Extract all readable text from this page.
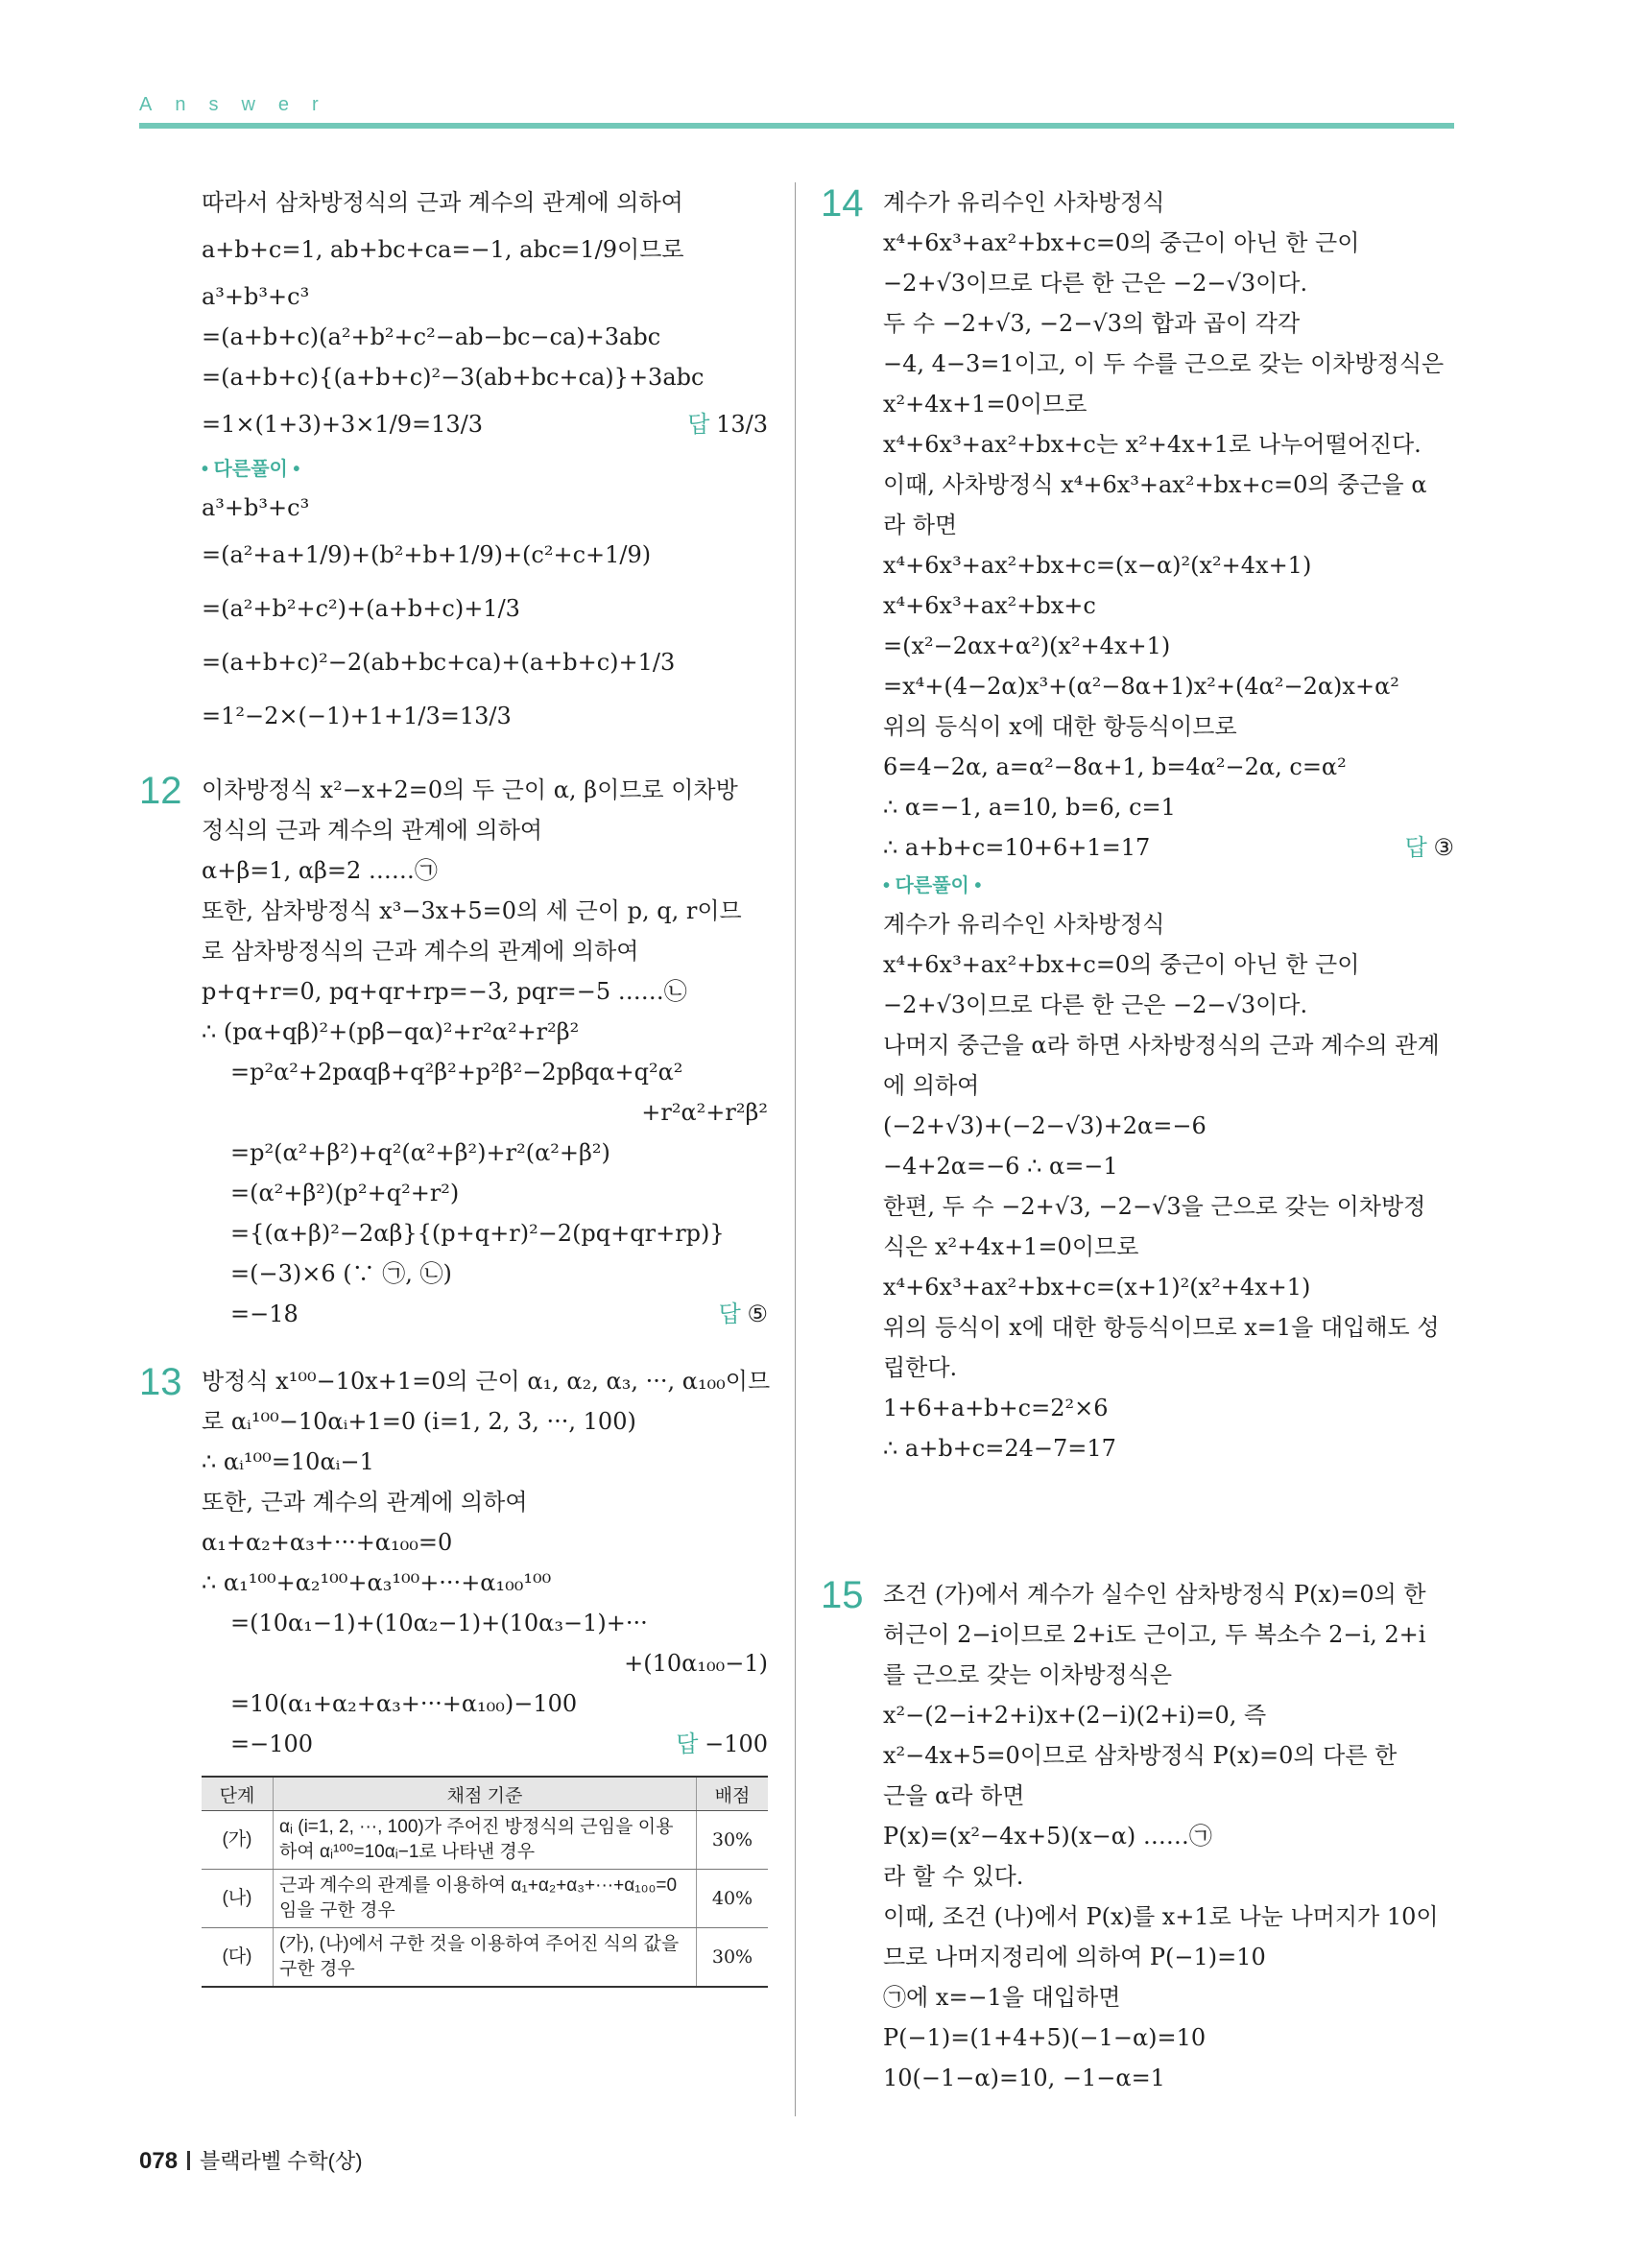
Answer
따라서 삼차방정식의 근과 계수의 관계에 의하여
a+b+c=1, ab+bc+ca=−1, abc=1/9이므로
a³+b³+c³
=(a+b+c)(a²+b²+c²−ab−bc−ca)+3abc
=(a+b+c){(a+b+c)²−3(ab+bc+ca)}+3abc
=1×(1+3)+3×1/9=13/3	답 13/3
• 다른풀이 •
a³+b³+c³
=(a²+a+1/9)+(b²+b+1/9)+(c²+c+1/9)
=(a²+b²+c²)+(a+b+c)+1/3
=(a+b+c)²−2(ab+bc+ca)+(a+b+c)+1/3
=1²−2×(−1)+1+1/3=13/3
12 이차방정식 x²−x+2=0의 두 근이 α, β이므로 이차방
정식의 근과 계수의 관계에 의하여
α+β=1, αβ=2 ……㉠
또한, 삼차방정식 x³−3x+5=0의 세 근이 p, q, r이므
로 삼차방정식의 근과 계수의 관계에 의하여
p+q+r=0, pq+qr+rp=−3, pqr=−5 ……㉡
∴ (pα+qβ)²+(pβ−qα)²+r²α²+r²β²
=p²α²+2pαqβ+q²β²+p²β²−2pβqα+q²α²
+r²α²+r²β²
=p²(α²+β²)+q²(α²+β²)+r²(α²+β²)
=(α²+β²)(p²+q²+r²)
={(α+β)²−2αβ}{(p+q+r)²−2(pq+qr+rp)}
=(−3)×6 (∵ ㉠, ㉡)
=−18	답 ⑤
13 방정식 x¹⁰⁰−10x+1=0의 근이 α₁, α₂, α₃, ···, α₁₀₀이므
로 αᵢ¹⁰⁰−10αᵢ+1=0 (i=1, 2, 3, ···, 100)
∴ αᵢ¹⁰⁰=10αᵢ−1
또한, 근과 계수의 관계에 의하여
α₁+α₂+α₃+···+α₁₀₀=0
∴ α₁¹⁰⁰+α₂¹⁰⁰+α₃¹⁰⁰+···+α₁₀₀¹⁰⁰
=(10α₁−1)+(10α₂−1)+(10α₃−1)+···
+(10α₁₀₀−1)
=10(α₁+α₂+α₃+···+α₁₀₀)−100
=−100	답 −100
단계	채점 기준	배점
(가)	αᵢ (i=1, 2, ···, 100)가 주어진 방정식의 근임을 이용하여 αᵢ¹⁰⁰=10αᵢ−1로 나타낸 경우	30%
(나)	근과 계수의 관계를 이용하여 α₁+α₂+α₃+···+α₁₀₀=0임을 구한 경우	40%
(다)	(가), (나)에서 구한 것을 이용하여 주어진 식의 값을 구한 경우	30%
14 계수가 유리수인 사차방정식
x⁴+6x³+ax²+bx+c=0의 중근이 아닌 한 근이
−2+√3이므로 다른 한 근은 −2−√3이다.
두 수 −2+√3, −2−√3의 합과 곱이 각각
−4, 4−3=1이고, 이 두 수를 근으로 갖는 이차방정식은
x²+4x+1=0이므로
x⁴+6x³+ax²+bx+c는 x²+4x+1로 나누어떨어진다.
이때, 사차방정식 x⁴+6x³+ax²+bx+c=0의 중근을 α
라 하면
x⁴+6x³+ax²+bx+c=(x−α)²(x²+4x+1)
x⁴+6x³+ax²+bx+c
=(x²−2αx+α²)(x²+4x+1)
=x⁴+(4−2α)x³+(α²−8α+1)x²+(4α²−2α)x+α²
위의 등식이 x에 대한 항등식이므로
6=4−2α, a=α²−8α+1, b=4α²−2α, c=α²
∴ α=−1, a=10, b=6, c=1
∴ a+b+c=10+6+1=17	답 ③
• 다른풀이 •
계수가 유리수인 사차방정식
x⁴+6x³+ax²+bx+c=0의 중근이 아닌 한 근이
−2+√3이므로 다른 한 근은 −2−√3이다.
나머지 중근을 α라 하면 사차방정식의 근과 계수의 관계
에 의하여
(−2+√3)+(−2−√3)+2α=−6
−4+2α=−6 ∴ α=−1
한편, 두 수 −2+√3, −2−√3을 근으로 갖는 이차방정
식은 x²+4x+1=0이므로
x⁴+6x³+ax²+bx+c=(x+1)²(x²+4x+1)
위의 등식이 x에 대한 항등식이므로 x=1을 대입해도 성
립한다.
1+6+a+b+c=2²×6
∴ a+b+c=24−7=17
15 조건 (가)에서 계수가 실수인 삼차방정식 P(x)=0의 한
허근이 2−i이므로 2+i도 근이고, 두 복소수 2−i, 2+i
를 근으로 갖는 이차방정식은
x²−(2−i+2+i)x+(2−i)(2+i)=0, 즉
x²−4x+5=0이므로 삼차방정식 P(x)=0의 다른 한
근을 α라 하면
P(x)=(x²−4x+5)(x−α) ……㉠
라 할 수 있다.
이때, 조건 (나)에서 P(x)를 x+1로 나눈 나머지가 10이
므로 나머지정리에 의하여 P(−1)=10
㉠에 x=−1을 대입하면
P(−1)=(1+4+5)(−1−α)=10
10(−1−α)=10, −1−α=1
078 블랙라벨 수학(상)
